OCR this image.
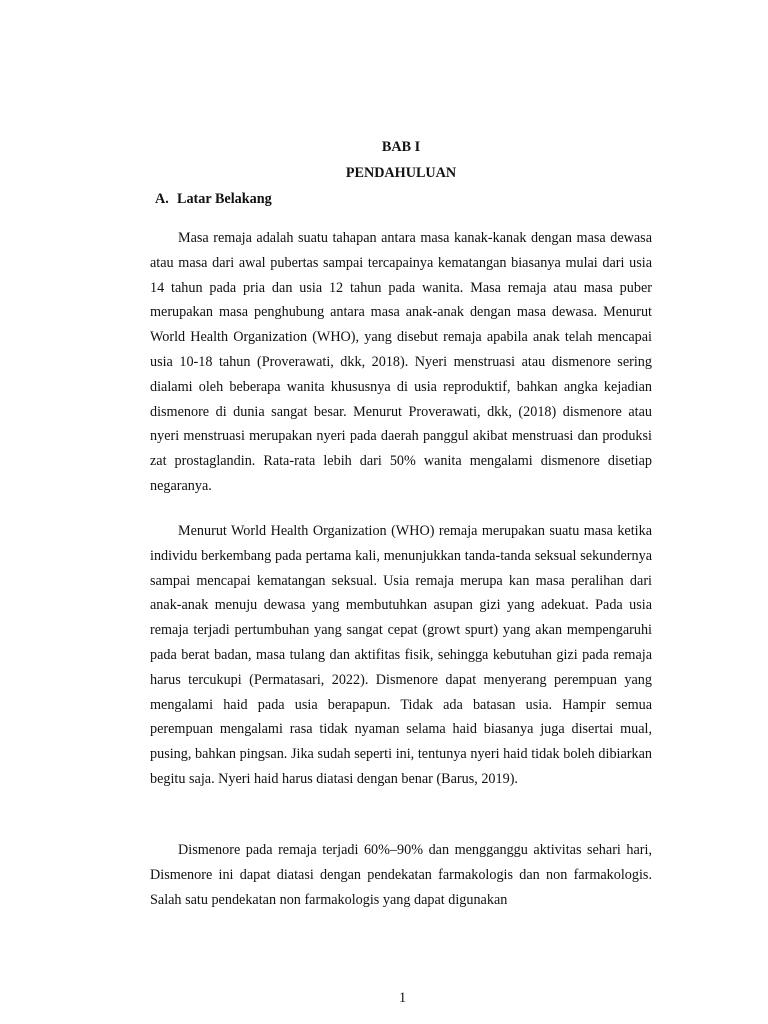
BAB I
PENDAHULUAN
A. Latar Belakang

Masa remaja adalah suatu tahapan antara masa kanak-kanak dengan masa dewasa atau masa dari awal pubertas sampai tercapainya kematangan biasanya mulai dari usia 14 tahun pada pria dan usia 12 tahun pada wanita. Masa remaja atau masa puber merupakan masa penghubung antara masa anak-anak dengan masa dewasa. Menurut World Health Organization (WHO), yang disebut remaja apabila anak telah mencapai usia 10-18 tahun (Proverawati, dkk, 2018). Nyeri menstruasi atau dismenore sering dialami oleh beberapa wanita khususnya di usia reproduktif, bahkan angka kejadian dismenore di dunia sangat besar. Menurut Proverawati, dkk, (2018) dismenore atau nyeri menstruasi merupakan nyeri pada daerah panggul akibat menstruasi dan produksi zat prostaglandin. Rata-rata lebih dari 50% wanita mengalami dismenore disetiap negaranya.

Menurut World Health Organization (WHO) remaja merupakan suatu masa ketika individu berkembang pada pertama kali, menunjukkan tanda-tanda seksual sekundernya sampai mencapai kematangan seksual. Usia remaja merupa kan masa peralihan dari anak-anak menuju dewasa yang membutuhkan asupan gizi yang adekuat. Pada usia remaja terjadi pertumbuhan yang sangat cepat (growt spurt) yang akan mempengaruhi pada berat badan, masa tulang dan aktifitas fisik, sehingga kebutuhan gizi pada remaja harus tercukupi (Permatasari, 2022). Dismenore dapat menyerang perempuan yang mengalami haid pada usia berapapun. Tidak ada batasan usia. Hampir semua perempuan mengalami rasa tidak nyaman selama haid biasanya juga disertai mual, pusing, bahkan pingsan. Jika sudah seperti ini, tentunya nyeri haid tidak boleh dibiarkan begitu saja. Nyeri haid harus diatasi dengan benar (Barus, 2019).

Dismenore pada remaja terjadi 60%–90% dan mengganggu aktivitas sehari hari, Dismenore ini dapat diatasi dengan pendekatan farmakologis dan non farmakologis. Salah satu pendekatan non farmakologis yang dapat digunakan

1
